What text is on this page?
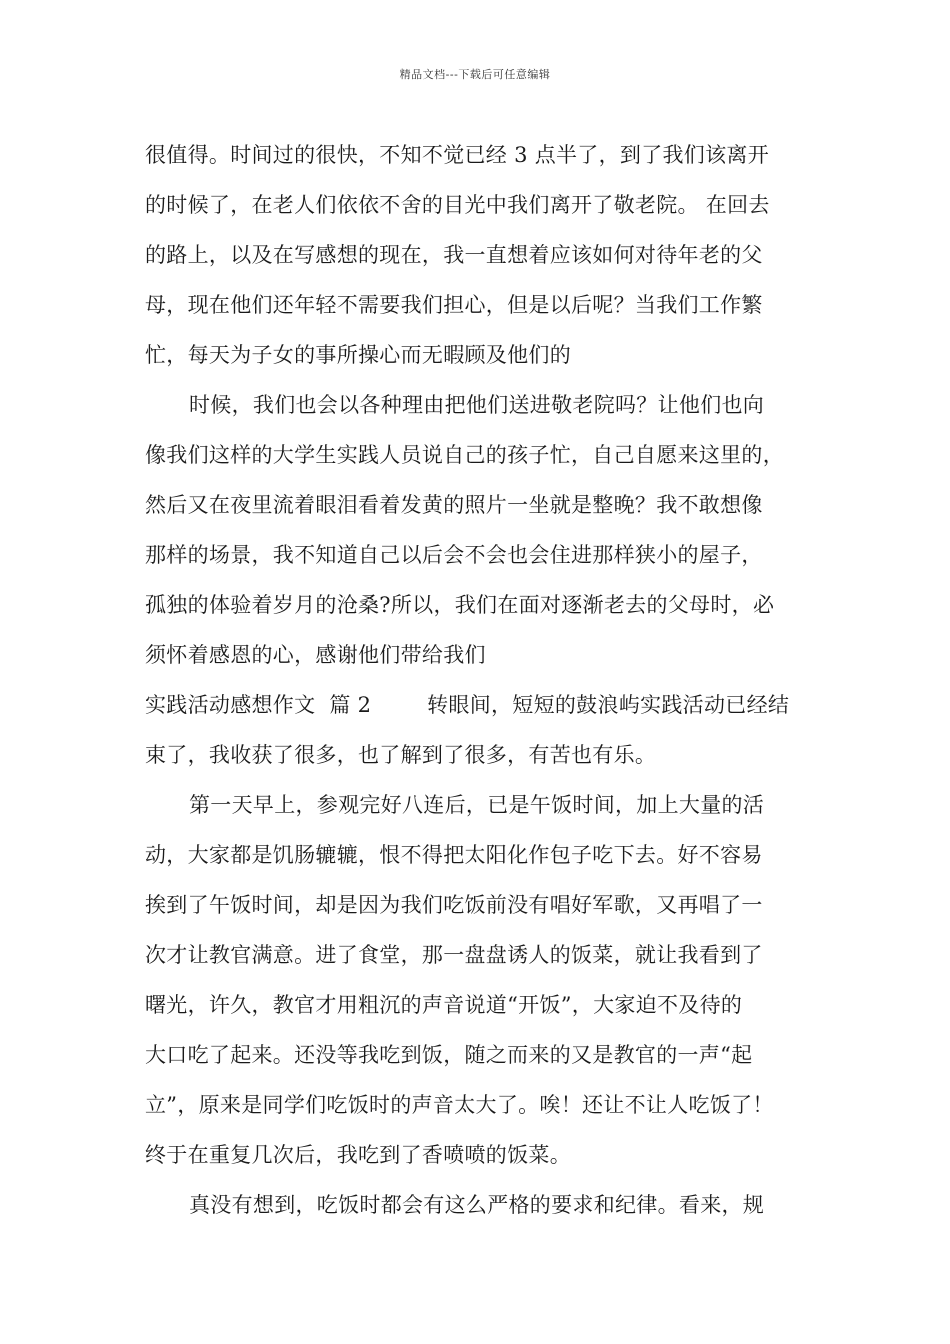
精品文档---下载后可任意编辑
很值得。时间过的很快，不知不觉已经 3 点半了，到了我们该离开
的时候了，在老人们依依不舍的目光中我们离开了敬老院。 在回去
的路上，以及在写感想的现在，我一直想着应该如何对待年老的父
母，现在他们还年轻不需要我们担心，但是以后呢？当我们工作繁
忙，每天为子女的事所操心而无暇顾及他们的
时候，我们也会以各种理由把他们送进敬老院吗？让他们也向
像我们这样的大学生实践人员说自己的孩子忙，自己自愿来这里的，
然后又在夜里流着眼泪看着发黄的照片一坐就是整晚？我不敢想像
那样的场景，我不知道自己以后会不会也会住进那样狭小的屋子，
孤独的体验着岁月的沧桑?所以，我们在面对逐渐老去的父母时，必
须怀着感恩的心，感谢他们带给我们
实践活动感想作文  篇 2        转眼间，短短的鼓浪屿实践活动已经结
束了，我收获了很多，也了解到了很多，有苦也有乐。
第一天早上，参观完好八连后，已是午饭时间，加上大量的活
动，大家都是饥肠辘辘，恨不得把太阳化作包子吃下去。好不容易
挨到了午饭时间，却是因为我们吃饭前没有唱好军歌，又再唱了一
次才让教官满意。进了食堂，那一盘盘诱人的饭菜，就让我看到了
曙光，许久，教官才用粗沉的声音说道“开饭”，大家迫不及待的
大口吃了起来。还没等我吃到饭，随之而来的又是教官的一声“起
立”，原来是同学们吃饭时的声音太大了。唉！还让不让人吃饭了！
终于在重复几次后，我吃到了香喷喷的饭菜。
真没有想到，吃饭时都会有这么严格的要求和纪律。看来，规
